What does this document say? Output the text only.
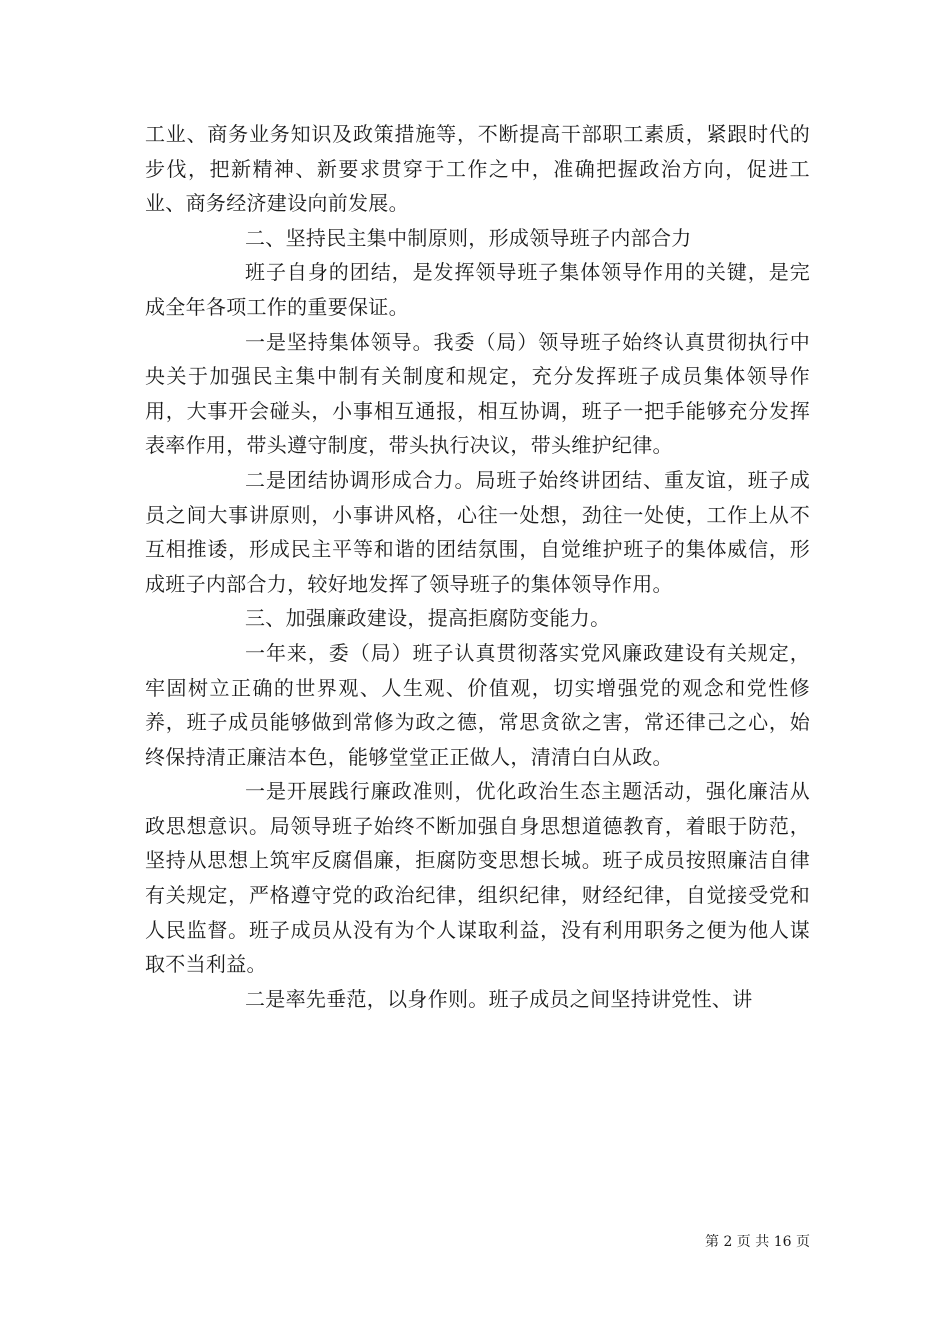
工业、商务业务知识及政策措施等，不断提高干部职工素质，紧跟时代的步伐，把新精神、新要求贯穿于工作之中，准确把握政治方向，促进工业、商务经济建设向前发展。

二、坚持民主集中制原则，形成领导班子内部合力

班子自身的团结，是发挥领导班子集体领导作用的关键，是完成全年各项工作的重要保证。

一是坚持集体领导。我委（局）领导班子始终认真贯彻执行中央关于加强民主集中制有关制度和规定，充分发挥班子成员集体领导作用，大事开会碰头，小事相互通报，相互协调，班子一把手能够充分发挥表率作用，带头遵守制度，带头执行决议，带头维护纪律。

二是团结协调形成合力。局班子始终讲团结、重友谊，班子成员之间大事讲原则，小事讲风格，心往一处想，劲往一处使，工作上从不互相推诿，形成民主平等和谐的团结氛围，自觉维护班子的集体威信，形成班子内部合力，较好地发挥了领导班子的集体领导作用。

三、加强廉政建设，提高拒腐防变能力。

一年来，委（局）班子认真贯彻落实党风廉政建设有关规定，牢固树立正确的世界观、人生观、价值观，切实增强党的观念和党性修养，班子成员能够做到常修为政之德，常思贪欲之害，常还律己之心，始终保持清正廉洁本色，能够堂堂正正做人，清清白白从政。

一是开展践行廉政准则，优化政治生态主题活动，强化廉洁从政思想意识。局领导班子始终不断加强自身思想道德教育，着眼于防范，坚持从思想上筑牢反腐倡廉，拒腐防变思想长城。班子成员按照廉洁自律有关规定，严格遵守党的政治纪律，组织纪律，财经纪律，自觉接受党和人民监督。班子成员从没有为个人谋取利益，没有利用职务之便为他人谋取不当利益。

二是率先垂范，以身作则。班子成员之间坚持讲党性、讲

第 2 页 共 16 页
